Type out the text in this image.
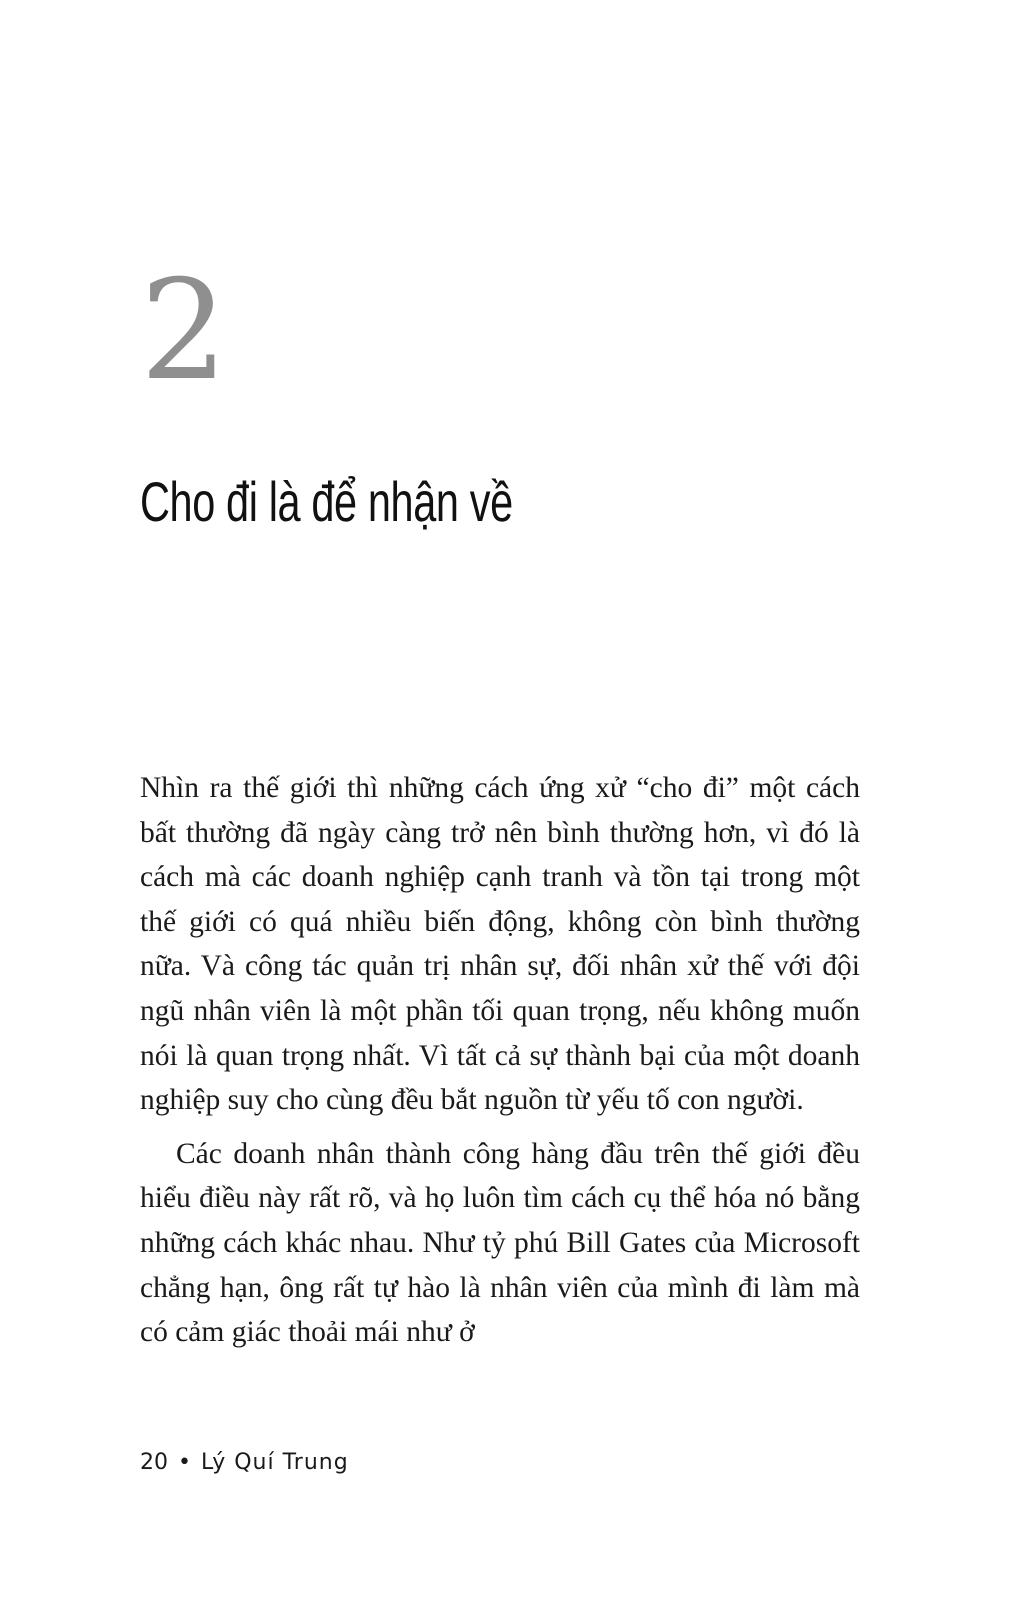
2
Cho đi là để nhận về

Nhìn ra thế giới thì những cách ứng xử “cho đi” một cách bất thường đã ngày càng trở nên bình thường hơn, vì đó là cách mà các doanh nghiệp cạnh tranh và tồn tại trong một thế giới có quá nhiều biến động, không còn bình thường nữa. Và công tác quản trị nhân sự, đối nhân xử thế với đội ngũ nhân viên là một phần tối quan trọng, nếu không muốn nói là quan trọng nhất. Vì tất cả sự thành bại của một doanh nghiệp suy cho cùng đều bắt nguồn từ yếu tố con người.

Các doanh nhân thành công hàng đầu trên thế giới đều hiểu điều này rất rõ, và họ luôn tìm cách cụ thể hóa nó bằng những cách khác nhau. Như tỷ phú Bill Gates của Microsoft chẳng hạn, ông rất tự hào là nhân viên của mình đi làm mà có cảm giác thoải mái như ở

20 • Lý Quí Trung
